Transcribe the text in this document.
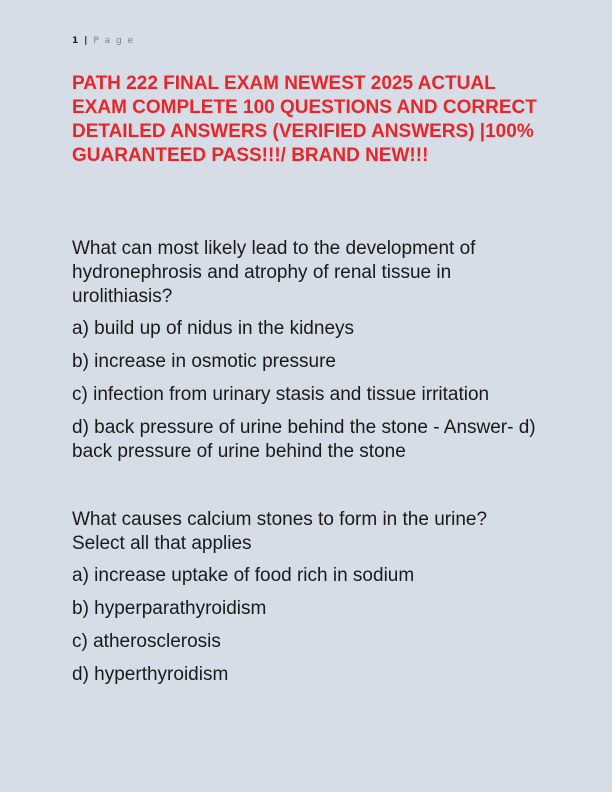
1 | P a g e
PATH 222 FINAL EXAM NEWEST 2025 ACTUAL EXAM COMPLETE 100 QUESTIONS AND CORRECT DETAILED ANSWERS (VERIFIED ANSWERS) |100% GUARANTEED PASS!!!/ BRAND NEW!!!

What can most likely lead to the development of hydronephrosis and atrophy of renal tissue in urolithiasis?

a) build up of nidus in the kidneys

b) increase in osmotic pressure

c) infection from urinary stasis and tissue irritation

d) back pressure of urine behind the stone - Answer- d) back pressure of urine behind the stone

What causes calcium stones to form in the urine? Select all that applies

a) increase uptake of food rich in sodium

b) hyperparathyroidism

c) atherosclerosis

d) hyperthyroidism
